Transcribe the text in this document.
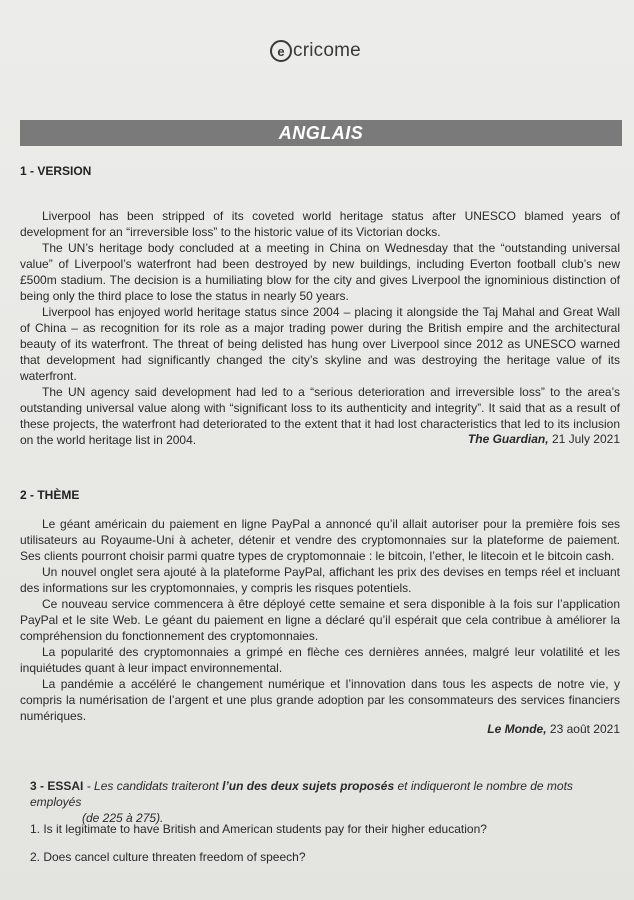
e cricome
ANGLAIS
1 - VERSION

Liverpool has been stripped of its coveted world heritage status after UNESCO blamed years of development for an “irreversible loss” to the historic value of its Victorian docks.

The UN’s heritage body concluded at a meeting in China on Wednesday that the “outstanding universal value” of Liverpool’s waterfront had been destroyed by new buildings, including Everton football club’s new £500m stadium. The decision is a humiliating blow for the city and gives Liverpool the ignominious distinction of being only the third place to lose the status in nearly 50 years.

Liverpool has enjoyed world heritage status since 2004 – placing it alongside the Taj Mahal and Great Wall of China – as recognition for its role as a major trading power during the British empire and the architectural beauty of its waterfront. The threat of being delisted has hung over Liverpool since 2012 as UNESCO warned that development had significantly changed the city’s skyline and was destroying the heritage value of its waterfront.

The UN agency said development had led to a “serious deterioration and irreversible loss” to the area’s outstanding universal value along with “significant loss to its authenticity and integrity”. It said that as a result of these projects, the waterfront had deteriorated to the extent that it had lost characteristics that led to its inclusion on the world heritage list in 2004.	The Guardian, 21 July 2021
2 - THÈME

Le géant américain du paiement en ligne PayPal a annoncé qu’il allait autoriser pour la première fois ses utilisateurs au Royaume-Uni à acheter, détenir et vendre des cryptomonnaies sur la plateforme de paiement. Ses clients pourront choisir parmi quatre types de cryptomonnaie : le bitcoin, l’ether, le litecoin et le bitcoin cash.

Un nouvel onglet sera ajouté à la plateforme PayPal, affichant les prix des devises en temps réel et incluant des informations sur les cryptomonnaies, y compris les risques potentiels.

Ce nouveau service commencera à être déployé cette semaine et sera disponible à la fois sur l’application PayPal et le site Web. Le géant du paiement en ligne a déclaré qu’il espérait que cela contribue à améliorer la compréhension du fonctionnement des cryptomonnaies.

La popularité des cryptomonnaies a grimpé en flèche ces dernières années, malgré leur volatilité et les inquiétudes quant à leur impact environnemental.

La pandémie a accéléré le changement numérique et l’innovation dans tous les aspects de notre vie, y compris la numérisation de l’argent et une plus grande adoption par les consommateurs des services financiers numériques.

Le Monde, 23 août 2021
3 - ESSAI - Les candidats traiteront l’un des deux sujets proposés et indiqueront le nombre de mots employés
(de 225 à 275).
1. Is it legitimate to have British and American students pay for their higher education?
2. Does cancel culture threaten freedom of speech?
